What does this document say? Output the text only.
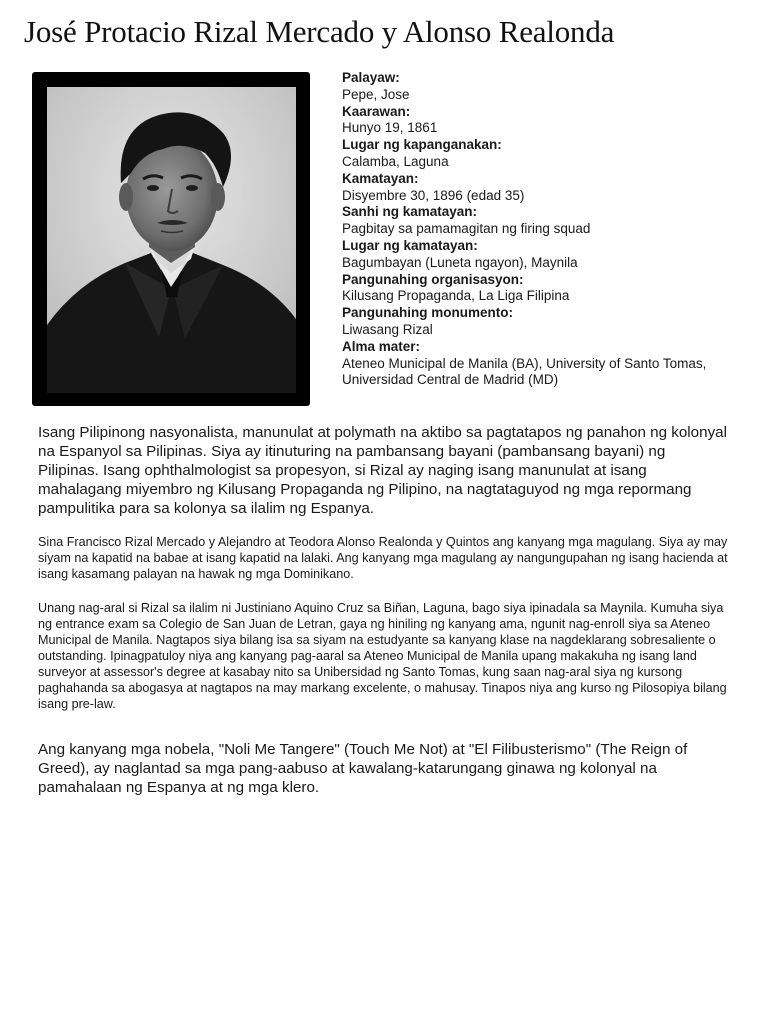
José Protacio Rizal Mercado y Alonso Realonda
Palayaw:
Pepe, Jose
Kaarawan:
Hunyo 19, 1861
Lugar ng kapanganakan:
Calamba, Laguna
Kamatayan:
Disyembre 30, 1896 (edad 35)
Sanhi ng kamatayan:
Pagbitay sa pamamagitan ng firing squad
Lugar ng kamatayan:
Bagumbayan (Luneta ngayon), Maynila
Pangunahing organisasyon:
Kilusang Propaganda, La Liga Filipina
Pangunahing monumento:
Liwasang Rizal
Alma mater:
Ateneo Municipal de Manila (BA), University of Santo Tomas, Universidad Central de Madrid (MD)

Isang Pilipinong nasyonalista, manunulat at polymath na aktibo sa pagtatapos ng panahon ng kolonyal na Espanyol sa Pilipinas. Siya ay itinuturing na pambansang bayani (pambansang bayani) ng Pilipinas. Isang ophthalmologist sa propesyon, si Rizal ay naging isang manunulat at isang mahalagang miyembro ng Kilusang Propaganda ng Pilipino, na nagtataguyod ng mga repormang pampulitika para sa kolonya sa ilalim ng Espanya.

Sina Francisco Rizal Mercado y Alejandro at Teodora Alonso Realonda y Quintos ang kanyang mga magulang. Siya ay may siyam na kapatid na babae at isang kapatid na lalaki. Ang kanyang mga magulang ay nangungupahan ng isang hacienda at isang kasamang palayan na hawak ng mga Dominikano.

Unang nag-aral si Rizal sa ilalim ni Justiniano Aquino Cruz sa Biñan, Laguna, bago siya ipinadala sa Maynila. Kumuha siya ng entrance exam sa Colegio de San Juan de Letran, gaya ng hiniling ng kanyang ama, ngunit nag-enroll siya sa Ateneo Municipal de Manila. Nagtapos siya bilang isa sa siyam na estudyante sa kanyang klase na nagdeklarang sobresaliente o outstanding. Ipinagpatuloy niya ang kanyang pag-aaral sa Ateneo Municipal de Manila upang makakuha ng isang land surveyor at assessor's degree at kasabay nito sa Unibersidad ng Santo Tomas, kung saan nag-aral siya ng kursong paghahanda sa abogasya at nagtapos na may markang excelente, o mahusay. Tinapos niya ang kurso ng Pilosopiya bilang isang pre-law.

Ang kanyang mga nobela, "Noli Me Tangere" (Touch Me Not) at "El Filibusterismo" (The Reign of Greed), ay naglantad sa mga pang-aabuso at kawalang-katarungang ginawa ng kolonyal na pamahalaan ng Espanya at ng mga klero.
